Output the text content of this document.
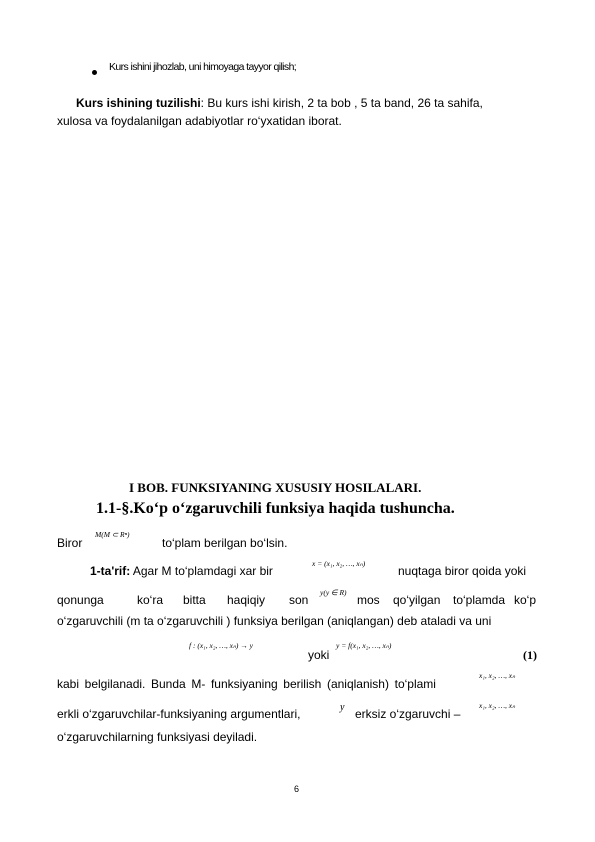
Kurs ishini jihozlab, uni himoyaga tayyor qilish;
Kurs ishining tuzilishi: Bu kurs ishi kirish, 2 ta bob , 5 ta band, 26 ta sahifa,
xulosa va foydalanilgan adabiyotlar ro‘yxatidan iborat.
I BOB. FUNKSIYANING XUSUSIY HOSILALARI.
1.1-§.Ko‘p o‘zgaruvchili funksiya haqida tushuncha.
Biror
M(M ⊂ Rⁿ)
to‘plam berilgan bo‘lsin.
1-ta'rif: Agar M to‘plamdagi xar bir
x = (x₁, x₂, …, xₙ)
nuqtaga biror qoida yoki
qonunga	ko‘ra bitta haqiqiy son
y(y ∈ R)
mos qo‘yilgan to‘plamda ko‘p
o‘zgaruvchili (m ta o‘zgaruvchili ) funksiya berilgan (aniqlangan) deb ataladi va uni
f : (x₁, x₂, …, xₙ) → y
yoki
y = f(x₁, x₂, …, xₙ)
(1)
kabi belgilanadi. Bunda M- funksiyaning berilish (aniqlanish) to‘plami
x₁, x₂, …, xₙ
erkli o‘zgaruvchilar-funksiyaning argumentlari,	y erksiz o‘zgaruvchi –
x₁, x₂, …, xₙ
o‘zgaruvchilarning funksiyasi deyiladi.
6
